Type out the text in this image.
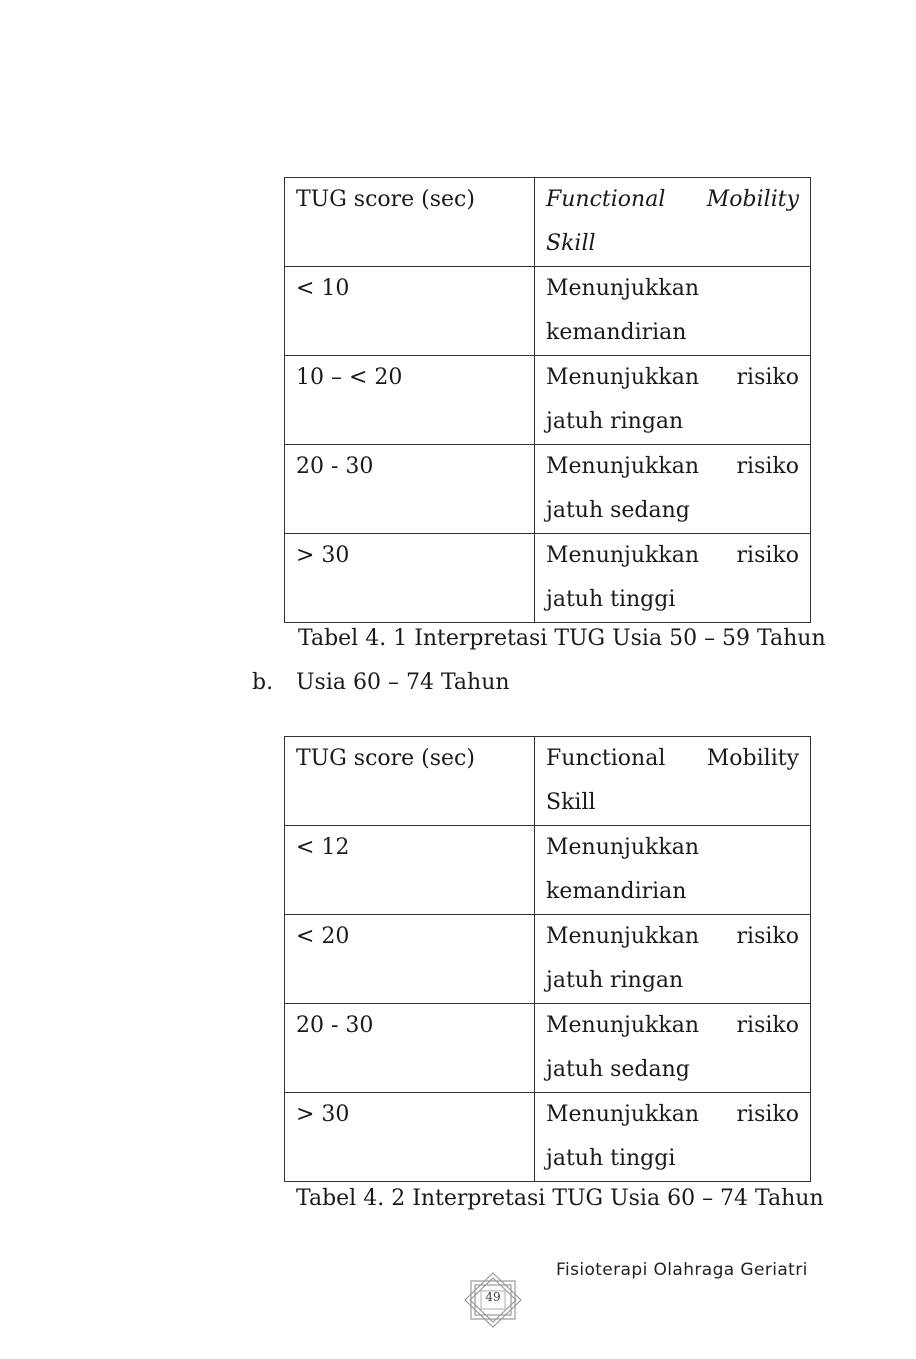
TUG score (sec)	Functional Mobility
Skill

< 10	Menunjukkan
kemandirian

10 – < 20	Menunjukkan risiko
jatuh ringan

20 - 30	Menunjukkan risiko
jatuh sedang

> 30	Menunjukkan risiko
jatuh tinggi
Tabel 4. 1 Interpretasi TUG Usia 50 – 59 Tahun
b. Usia 60 – 74 Tahun
TUG score (sec)	Functional Mobility
Skill

< 12	Menunjukkan
kemandirian

< 20	Menunjukkan risiko
jatuh ringan

20 - 30	Menunjukkan risiko
jatuh sedang

> 30	Menunjukkan risiko
jatuh tinggi
Tabel 4. 2 Interpretasi TUG Usia 60 – 74 Tahun
Fisioterapi Olahraga Geriatri
49
